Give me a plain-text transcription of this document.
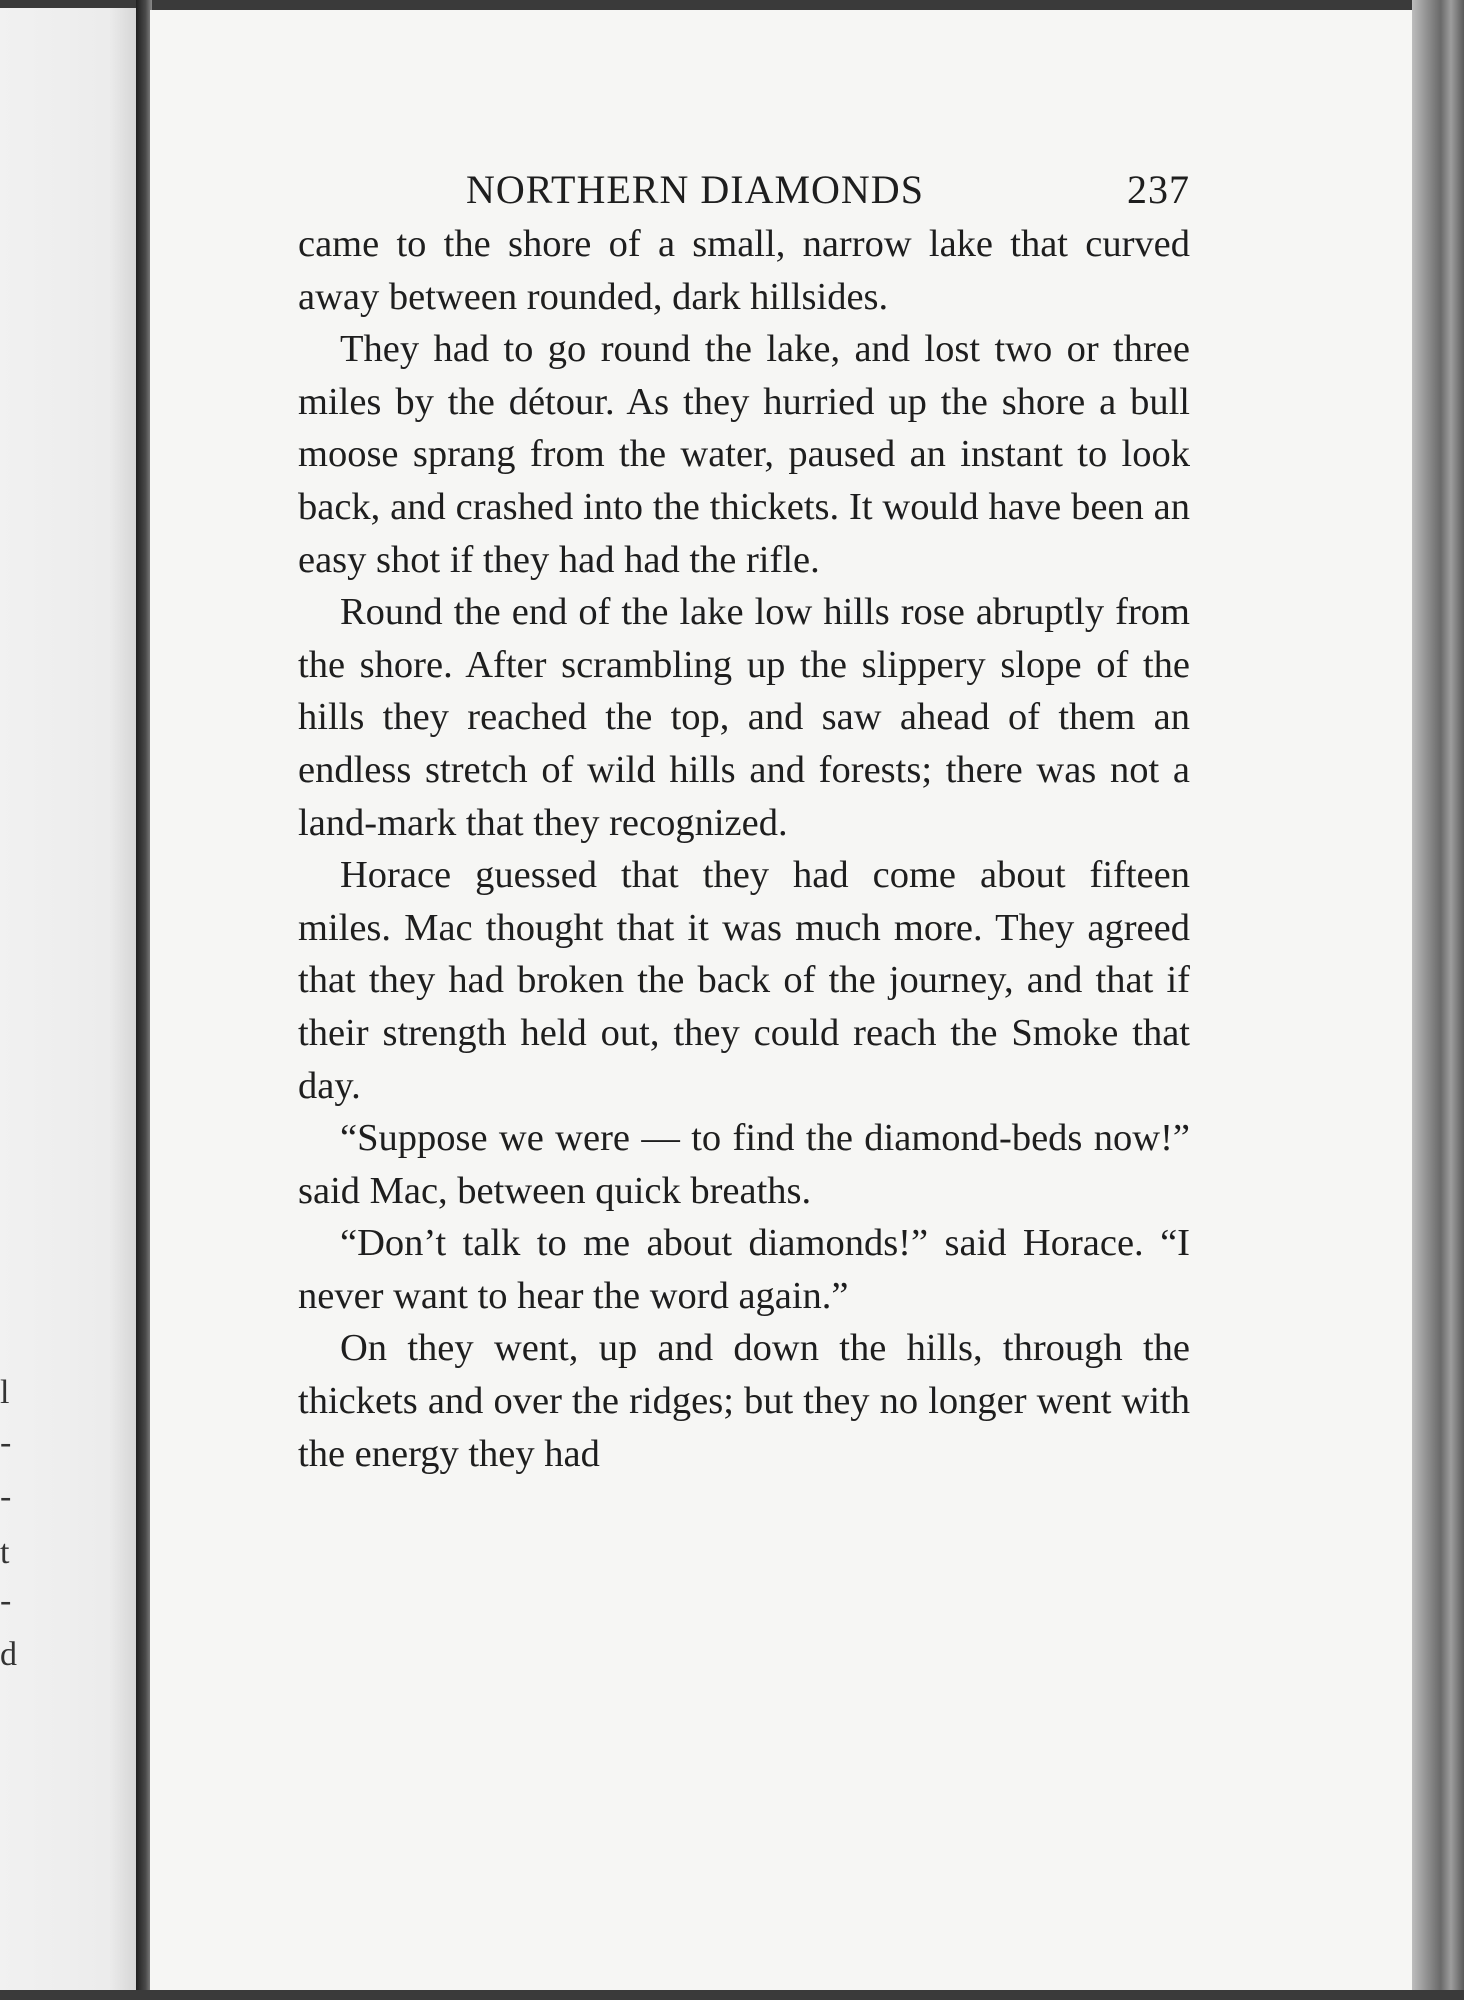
l
-
-
t
-
d
NORTHERN DIAMONDS	237

came to the shore of a small, narrow lake that curved away between rounded, dark hillsides.

They had to go round the lake, and lost two or three miles by the détour. As they hurried up the shore a bull moose sprang from the water, paused an instant to look back, and crashed into the thickets. It would have been an easy shot if they had had the rifle.

Round the end of the lake low hills rose abruptly from the shore. After scrambling up the slippery slope of the hills they reached the top, and saw ahead of them an endless stretch of wild hills and forests; there was not a land-mark that they recognized.

Horace guessed that they had come about fifteen miles. Mac thought that it was much more. They agreed that they had broken the back of the journey, and that if their strength held out, they could reach the Smoke that day.

“Suppose we were — to find the diamond-beds now!” said Mac, between quick breaths.

“Don’t talk to me about diamonds!” said Horace. “I never want to hear the word again.”

On they went, up and down the hills, through the thickets and over the ridges; but they no longer went with the energy they had
